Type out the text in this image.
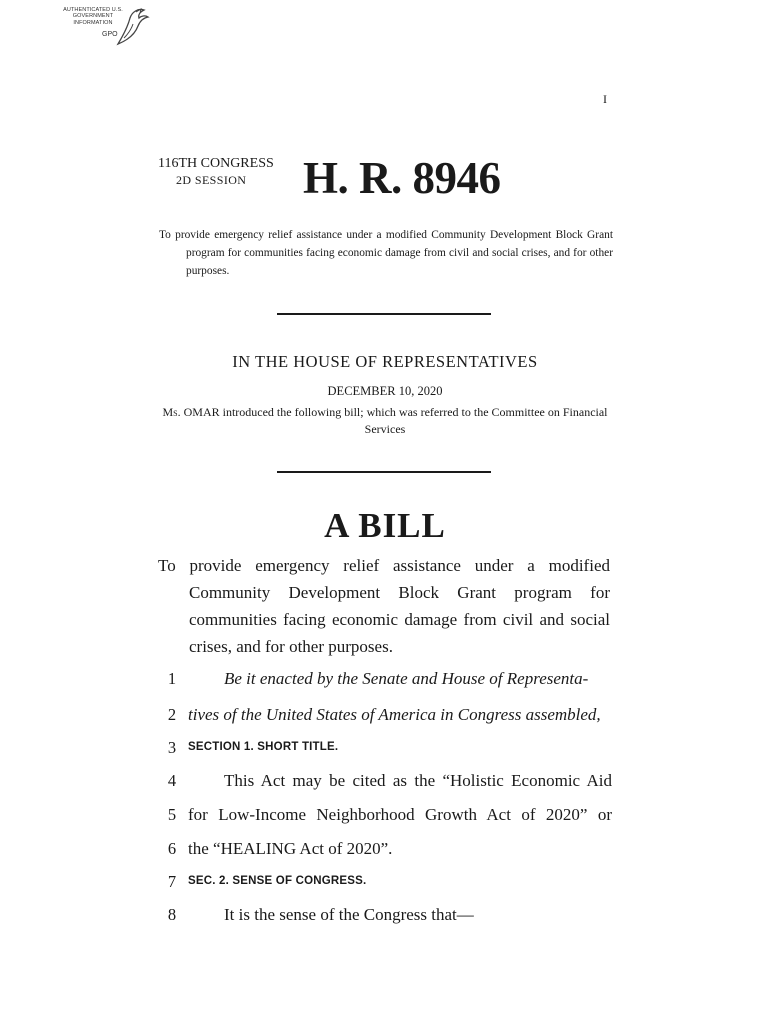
AUTHENTICATED U.S. GOVERNMENT INFORMATION
GPO
I
116TH CONGRESS
2D SESSION H. R. 8946
To provide emergency relief assistance under a modified Community Development Block Grant program for communities facing economic damage from civil and social crises, and for other purposes.
IN THE HOUSE OF REPRESENTATIVES
DECEMBER 10, 2020
Ms. OMAR introduced the following bill; which was referred to the Committee on Financial Services
A BILL
To provide emergency relief assistance under a modified Community Development Block Grant program for communities facing economic damage from civil and social crises, and for other purposes.
1	Be it enacted by the Senate and House of Representa-
2 tives of the United States of America in Congress assembled,
3	SECTION 1. SHORT TITLE.
4	This Act may be cited as the “Holistic Economic Aid
5 for Low-Income Neighborhood Growth Act of 2020” or
6 the “HEALING Act of 2020”.
7	SEC. 2. SENSE OF CONGRESS.
8	It is the sense of the Congress that—
